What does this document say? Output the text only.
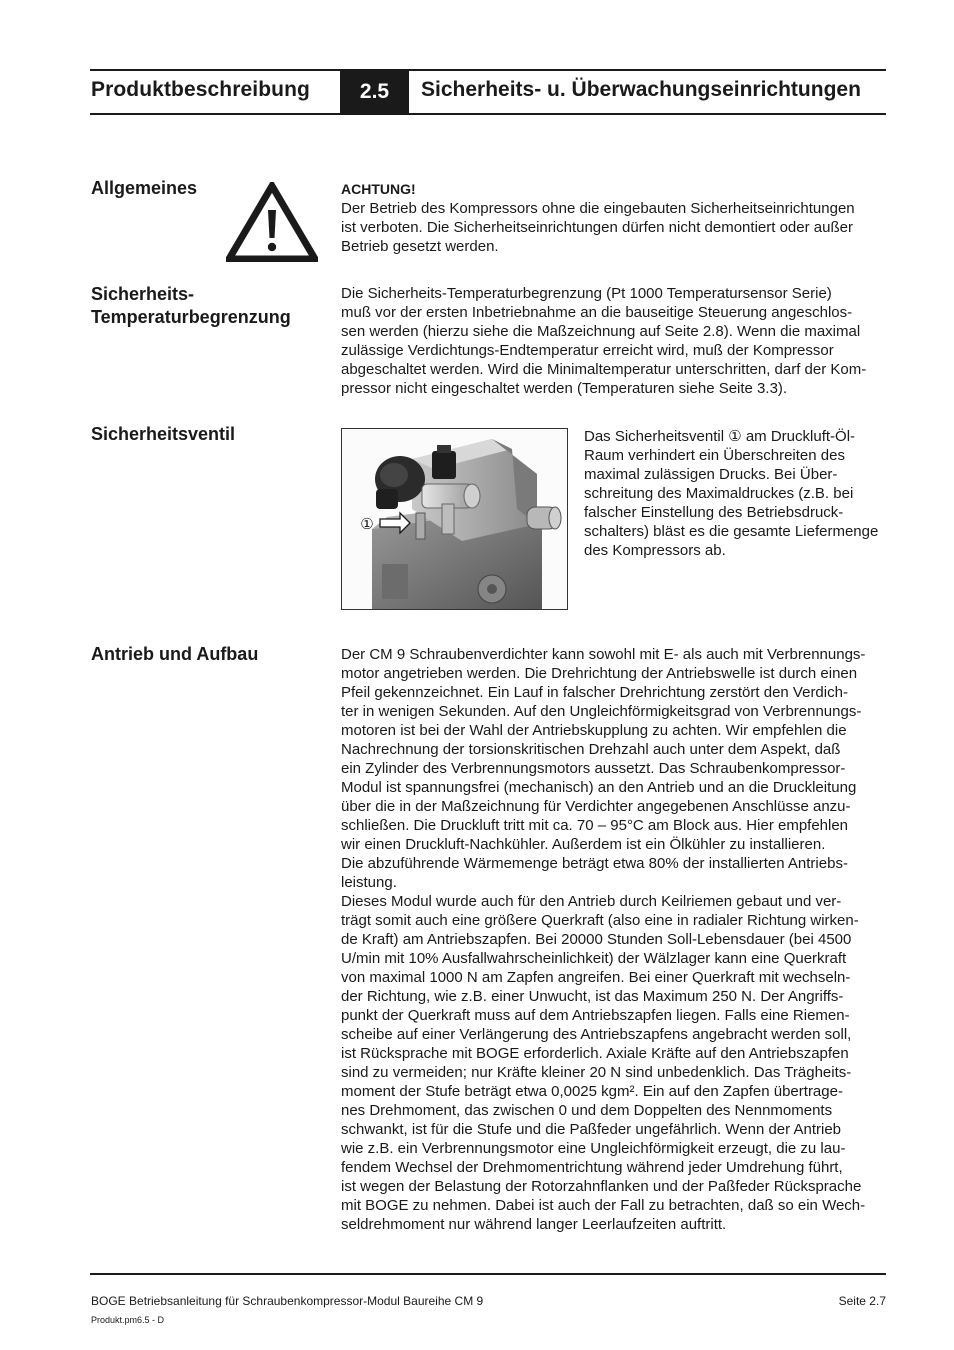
Produktbeschreibung	2.5	Sicherheits- u. Überwachungseinrichtungen
Allgemeines	ACHTUNG!
Der Betrieb des Kompressors ohne die eingebauten Sicherheitseinrichtungen
ist verboten. Die Sicherheitseinrichtungen dürfen nicht demontiert oder außer
Betrieb gesetzt werden.
Sicherheits-
Temperaturbegrenzung
Die Sicherheits-Temperaturbegrenzung (Pt 1000 Temperatursensor Serie)
muß vor der ersten Inbetriebnahme an die bauseitige Steuerung angeschlos-
sen werden (hierzu siehe die Maßzeichnung auf Seite 2.8). Wenn die maximal
zulässige Verdichtungs-Endtemperatur erreicht wird, muß der Kompressor
abgeschaltet werden. Wird die Minimaltemperatur unterschritten, darf der Kom-
pressor nicht eingeschaltet werden (Temperaturen siehe Seite 3.3).
Sicherheitsventil
①
Das Sicherheitsventil ① am Druckluft-Öl-
Raum verhindert ein Überschreiten des
maximal zulässigen Drucks. Bei Über-
schreitung des Maximaldruckes (z.B. bei
falscher Einstellung des Betriebsdruck-
schalters) bläst es die gesamte Liefermenge
des Kompressors ab.
Antrieb und Aufbau	Der CM 9 Schraubenverdichter kann sowohl mit E- als auch mit Verbrennungs-
motor angetrieben werden. Die Drehrichtung der Antriebswelle ist durch einen
Pfeil gekennzeichnet. Ein Lauf in falscher Drehrichtung zerstört den Verdich-
ter in wenigen Sekunden. Auf den Ungleichförmigkeitsgrad von Verbrennungs-
motoren ist bei der Wahl der Antriebskupplung zu achten. Wir empfehlen die
Nachrechnung der torsionskritischen Drehzahl auch unter dem Aspekt, daß
ein Zylinder des Verbrennungsmotors aussetzt. Das Schraubenkompressor-
Modul ist spannungsfrei (mechanisch) an den Antrieb und an die Druckleitung
über die in der Maßzeichnung für Verdichter angegebenen Anschlüsse anzu-
schließen. Die Druckluft tritt mit ca. 70 – 95°C am Block aus. Hier empfehlen
wir einen Druckluft-Nachkühler. Außerdem ist ein Ölkühler zu installieren.
Die abzuführende Wärmemenge beträgt etwa 80% der installierten Antriebs-
leistung.
Dieses Modul wurde auch für den Antrieb durch Keilriemen gebaut und ver-
trägt somit auch eine größere Querkraft (also eine in radialer Richtung wirken-
de Kraft) am Antriebszapfen. Bei 20000 Stunden Soll-Lebensdauer (bei 4500
U/min mit 10% Ausfallwahrscheinlichkeit) der Wälzlager kann eine Querkraft
von maximal 1000 N am Zapfen angreifen. Bei einer Querkraft mit wechseln-
der Richtung, wie z.B. einer Unwucht, ist das Maximum 250 N. Der Angriffs-
punkt der Querkraft muss auf dem Antriebszapfen liegen. Falls eine Riemen-
scheibe auf einer Verlängerung des Antriebszapfens angebracht werden soll,
ist Rücksprache mit BOGE erforderlich. Axiale Kräfte auf den Antriebszapfen
sind zu vermeiden; nur Kräfte kleiner 20 N sind unbedenklich. Das Trägheits-
moment der Stufe beträgt etwa 0,0025 kgm². Ein auf den Zapfen übertrage-
nes Drehmoment, das zwischen 0 und dem Doppelten des Nennmoments
schwankt, ist für die Stufe und die Paßfeder ungefährlich. Wenn der Antrieb
wie z.B. ein Verbrennungsmotor eine Ungleichförmigkeit erzeugt, die zu lau-
fendem Wechsel der Drehmomentrichtung während jeder Umdrehung führt,
ist wegen der Belastung der Rotorzahnflanken und der Paßfeder Rücksprache
mit BOGE zu nehmen. Dabei ist auch der Fall zu betrachten, daß so ein Wech-
seldrehmoment nur während langer Leerlaufzeiten auftritt.
BOGE Betriebsanleitung für Schraubenkompressor-Modul Baureihe CM 9	Seite 2.7
Produkt.pm6.5 - D
